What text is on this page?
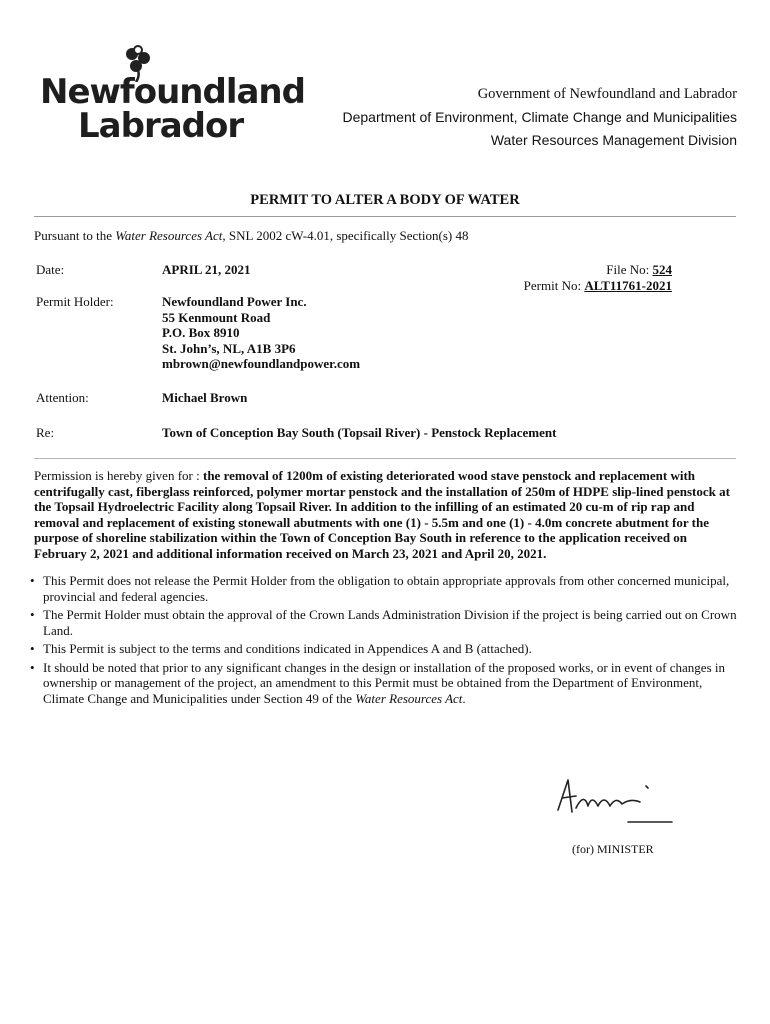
Newfoundland
Labrador
Government of Newfoundland and Labrador
Department of Environment, Climate Change and Municipalities
Water Resources Management Division
PERMIT TO ALTER A BODY OF WATER
Pursuant to the Water Resources Act, SNL 2002 cW-4.01, specifically Section(s) 48
Date:	APRIL 21, 2021	File No: 524
Permit No: ALT11761-2021
Permit Holder:	Newfoundland Power Inc.
55 Kenmount Road
P.O. Box 8910
St. John’s, NL, A1B 3P6
mbrown@newfoundlandpower.com
Attention:	Michael Brown
Re:	Town of Conception Bay South (Topsail River) - Penstock Replacement
Permission is hereby given for : the removal of 1200m of existing deteriorated wood stave penstock and replacement with centrifugally cast, fiberglass reinforced, polymer mortar penstock and the installation of 250m of HDPE slip-lined penstock at the Topsail Hydroelectric Facility along Topsail River. In addition to the infilling of an estimated 20 cu-m of rip rap and removal and replacement of existing stonewall abutments with one (1) - 5.5m and one (1) - 4.0m concrete abutment for the purpose of shoreline stabilization within the Town of Conception Bay South in reference to the application received on February 2, 2021 and additional information received on March 23, 2021 and April 20, 2021.
• This Permit does not release the Permit Holder from the obligation to obtain appropriate approvals from other concerned municipal, provincial and federal agencies.
• The Permit Holder must obtain the approval of the Crown Lands Administration Division if the project is being carried out on Crown Land.
• This Permit is subject to the terms and conditions indicated in Appendices A and B (attached).
• It should be noted that prior to any significant changes in the design or installation of the proposed works, or in event of changes in ownership or management of the project, an amendment to this Permit must be obtained from the Department of Environment, Climate Change and Municipalities under Section 49 of the Water Resources Act.
(for) MINISTER
